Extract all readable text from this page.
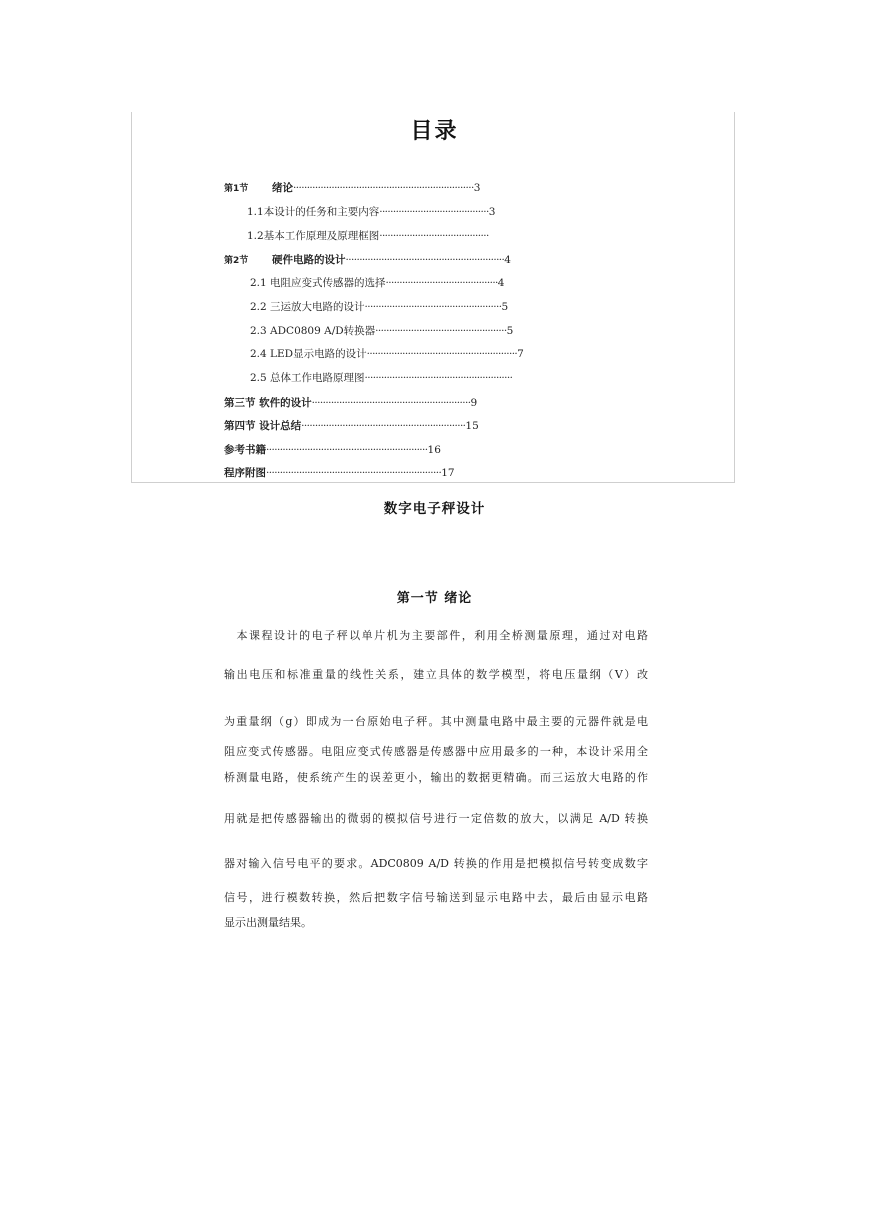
目录
第1节 绪论··································································3
1.1本设计的任务和主要内容········································3
1.2基本工作原理及原理框图········································
第2节 硬件电路的设计··························································4
2.1 电阻应变式传感器的选择·········································4
2.2 三运放大电路的设计··················································5
2.3 ADC0809 A/D转换器················································5
2.4 LED显示电路的设计·······················································7
2.5 总体工作电路原理图······················································
第三节 软件的设计··························································9
第四节 设计总结····························································15
参考书籍···························································16
程序附图································································17
数字电子秤设计
第一节 绪论
　本课程设计的电子秤以单片机为主要部件，利用全桥测量原理，通过对电路
输出电压和标准重量的线性关系，建立具体的数学模型，将电压量纲（V）改
为重量纲（g）即成为一台原始电子秤。其中测量电路中最主要的元器件就是电
阻应变式传感器。电阻应变式传感器是传感器中应用最多的一种，本设计采用全
桥测量电路，使系统产生的误差更小，输出的数据更精确。而三运放大电路的作
用就是把传感器输出的微弱的模拟信号进行一定倍数的放大，以满足 A/D 转换
器对输入信号电平的要求。ADC0809 A/D 转换的作用是把模拟信号转变成数字
信号，进行模数转换，然后把数字信号输送到显示电路中去，最后由显示电路
显示出测量结果。
